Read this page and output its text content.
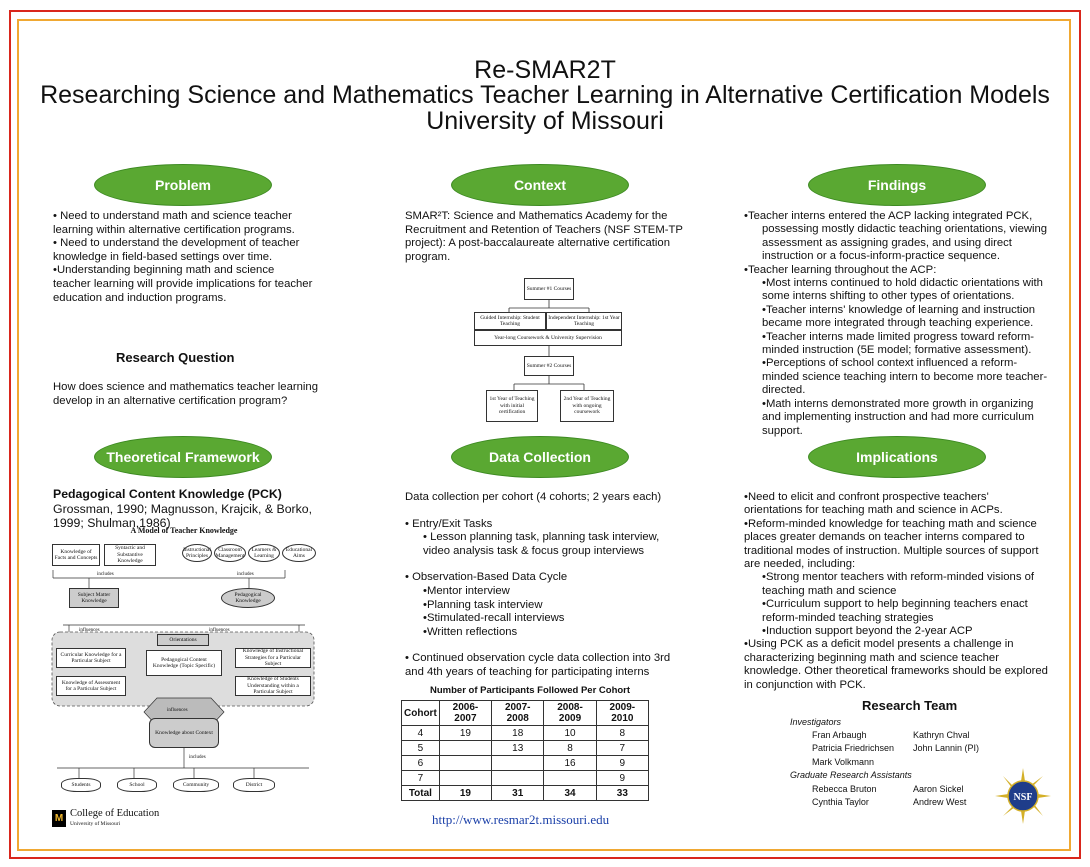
Re-SMAR2T
Researching Science and Mathematics Teacher Learning in Alternative Certification Models
University of Missouri
Problem

• Need to understand math and science teacher learning within alternative certification programs.

• Need to understand the development of teacher knowledge in field-based settings over time.

•Understanding beginning math and science teacher learning will provide implications for teacher education and induction programs.

Research Question
How does science and mathematics teacher learning develop in an alternative certification program?
Theoretical Framework
Pedagogical Content Knowledge (PCK) Grossman, 1990; Magnusson, Krajcik, & Borko, 1999; Shulman,1986)
A Model of Teacher Knowledge
Knowledge of Facts and Concepts
Syntactic and Substantive Knowledge
Instructional Principles
Classroom Management
Learners & Learning
Educational Aims
includes	includes
Subject Matter Knowledge
Pedagogical Knowledge
influences	influences
Orientations
Curricular Knowledge for a Particular Subject
Knowledge of Assessment for a Particular Subject
Pedagogical Content Knowledge (Topic Specific)
Knowledge of Instructional Strategies for a Particular Subject
Knowledge of Students Understanding within a Particular Subject
influences
Knowledge about Context
includes
Students	School	Community	District
M College of Education
University of Missouri
Context
SMAR²T: Science and Mathematics Academy for the Recruitment and Retention of Teachers (NSF STEM-TP project): A post-baccalaureate alternative certification program.
Summer #1 Courses
Guided Internship: Student Teaching
Independent Internship: 1st Year Teaching
Year-long Coursework & University Supervision
Summer #2 Courses
1st Year of Teaching with initial certification
2nd Year of Teaching with ongoing coursework
Data Collection

Data collection per cohort (4 cohorts; 2 years each)

• Entry/Exit Tasks

• Lesson planning task, planning task interview, video analysis task & focus group interviews

• Observation-Based Data Cycle

•Mentor interview

•Planning task interview

•Stimulated-recall interviews

•Written reflections

• Continued observation cycle data collection into 3rd and 4th years of teaching for participating interns

Number of Participants Followed Per Cohort
Cohort	2006-2007	2007-2008	2008-2009	2009-2010
4	19	18	10	8
5		13	8	7
6			16	9
7				9
Total	19	31	34	33
http://www.resmar2t.missouri.edu
Findings

•Teacher interns entered the ACP lacking integrated PCK, possessing mostly didactic teaching orientations, viewing assessment as assigning grades, and using direct instruction or a focus-inform-practice sequence.

•Teacher learning throughout the ACP:

•Most interns continued to hold didactic orientations with some interns shifting to other types of orientations.

•Teacher interns' knowledge of learning and instruction became more integrated through teaching experience.

•Teacher interns made limited progress toward reform-minded instruction (5E model; formative assessment).

•Perceptions of school context influenced a reform-minded science teaching intern to become more teacher-directed.

•Math interns demonstrated more growth in organizing and implementing instruction and had more curriculum support.

Implications

•Need to elicit and confront prospective teachers' orientations for teaching math and science in ACPs.

•Reform-minded knowledge for teaching math and science places greater demands on teacher interns compared to traditional modes of instruction. Multiple sources of support are needed, including:

•Strong mentor teachers with reform-minded visions of teaching math and science

•Curriculum support to help beginning teachers enact reform-minded teaching strategies

•Induction support beyond the 2-year ACP

•Using PCK as a deficit model presents a challenge in characterizing beginning math and science teacher knowledge. Other theoretical frameworks should be explored in conjunction with PCK.

Research Team
Investigators
Fran Arbaugh	Kathryn Chval
Patricia Friedrichsen John Lannin (PI)
Mark Volkmann
Graduate Research Assistants
Rebecca Bruton	Aaron Sickel
Cynthia Taylor	Andrew West	NSF
